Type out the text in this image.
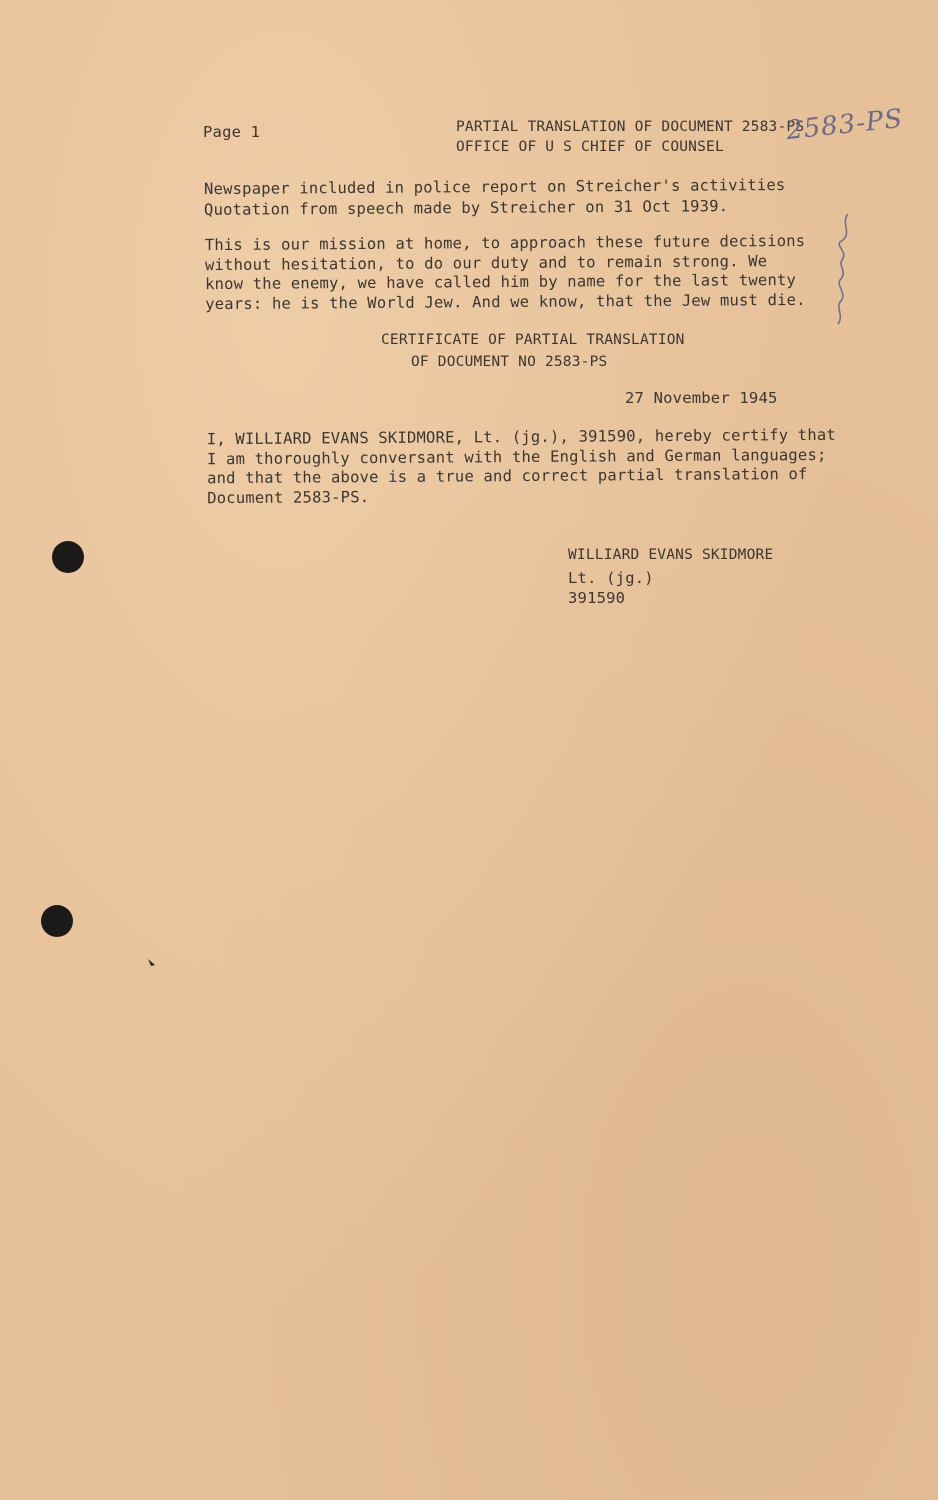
Page 1	PARTIAL TRANSLATION OF DOCUMENT 2583-PS
OFFICE OF U S CHIEF OF COUNSEL
2583-PS
Newspaper included in police report on Streicher's activities
Quotation from speech made by Streicher on 31 Oct 1939.
This is our mission at home, to approach these future decisions
without hesitation, to do our duty and to remain strong. We
know the enemy, we have called him by name for the last twenty
years: he is the World Jew. And we know, that the Jew must die.
CERTIFICATE OF PARTIAL TRANSLATION
OF DOCUMENT NO 2583-PS
27 November 1945
I, WILLIARD EVANS SKIDMORE, Lt. (jg.), 391590, hereby certify that
I am thoroughly conversant with the English and German languages;
and that the above is a true and correct partial translation of
Document 2583-PS.
WILLIARD EVANS SKIDMORE
Lt. (jg.)
391590
